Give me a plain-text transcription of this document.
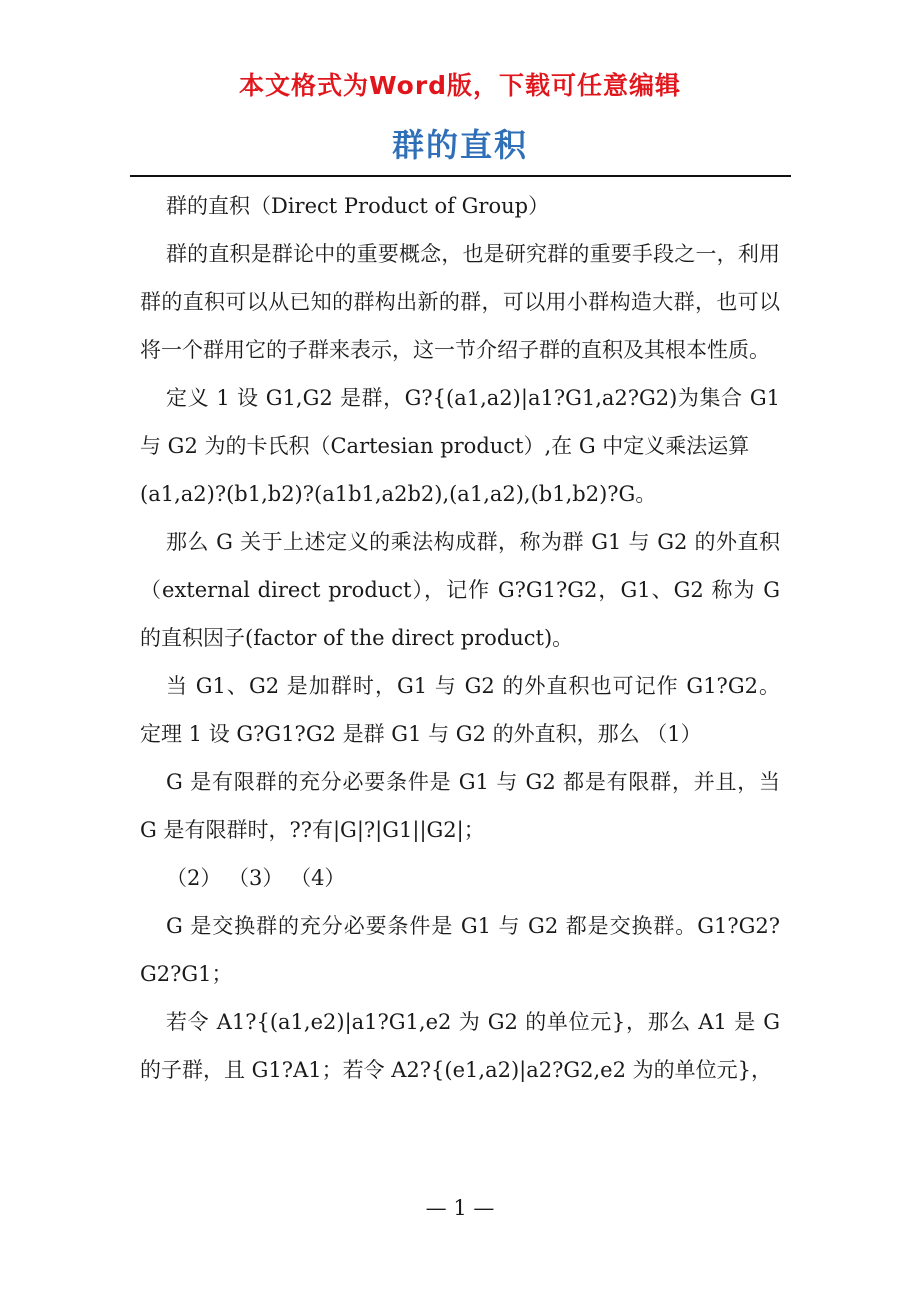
本文格式为Word版，下载可任意编辑
群的直积

群的直积（Direct Product of Group）

群的直积是群论中的重要概念，也是研究群的重要手段之一，利用群的直积可以从已知的群构出新的群，可以用小群构造大群，也可以将一个群用它的子群来表示，这一节介绍子群的直积及其根本性质。

定义 1 设 G1,G2 是群，G?{(a1,a2)|a1?G1,a2?G2)为集合 G1 与 G2 为的卡氏积（Cartesian product）,在 G 中定义乘法运算

(a1,a2)?(b1,b2)?(a1b1,a2b2),(a1,a2),(b1,b2)?G。

那么 G 关于上述定义的乘法构成群，称为群 G1 与 G2 的外直积（external direct product），记作 G?G1?G2，G1、G2 称为 G 的直积因子(factor of the direct product)。

当 G1、G2 是加群时，G1 与 G2 的外直积也可记作 G1?G2。 定理 1 设 G?G1?G2 是群 G1 与 G2 的外直积，那么 （1）

G 是有限群的充分必要条件是 G1 与 G2 都是有限群，并且，当 G 是有限群时，??有|G|?|G1||G2|；

（2） （3） （4）

G 是交换群的充分必要条件是 G1 与 G2 都是交换群。G1?G2?G2?G1；

若令 A1?{(a1,e2)|a1?G1,e2 为 G2 的单位元}，那么 A1 是 G 的子群，且 G1?A1；若令 A2?{(e1,a2)|a2?G2,e2 为的单位元}，

— 1 —
